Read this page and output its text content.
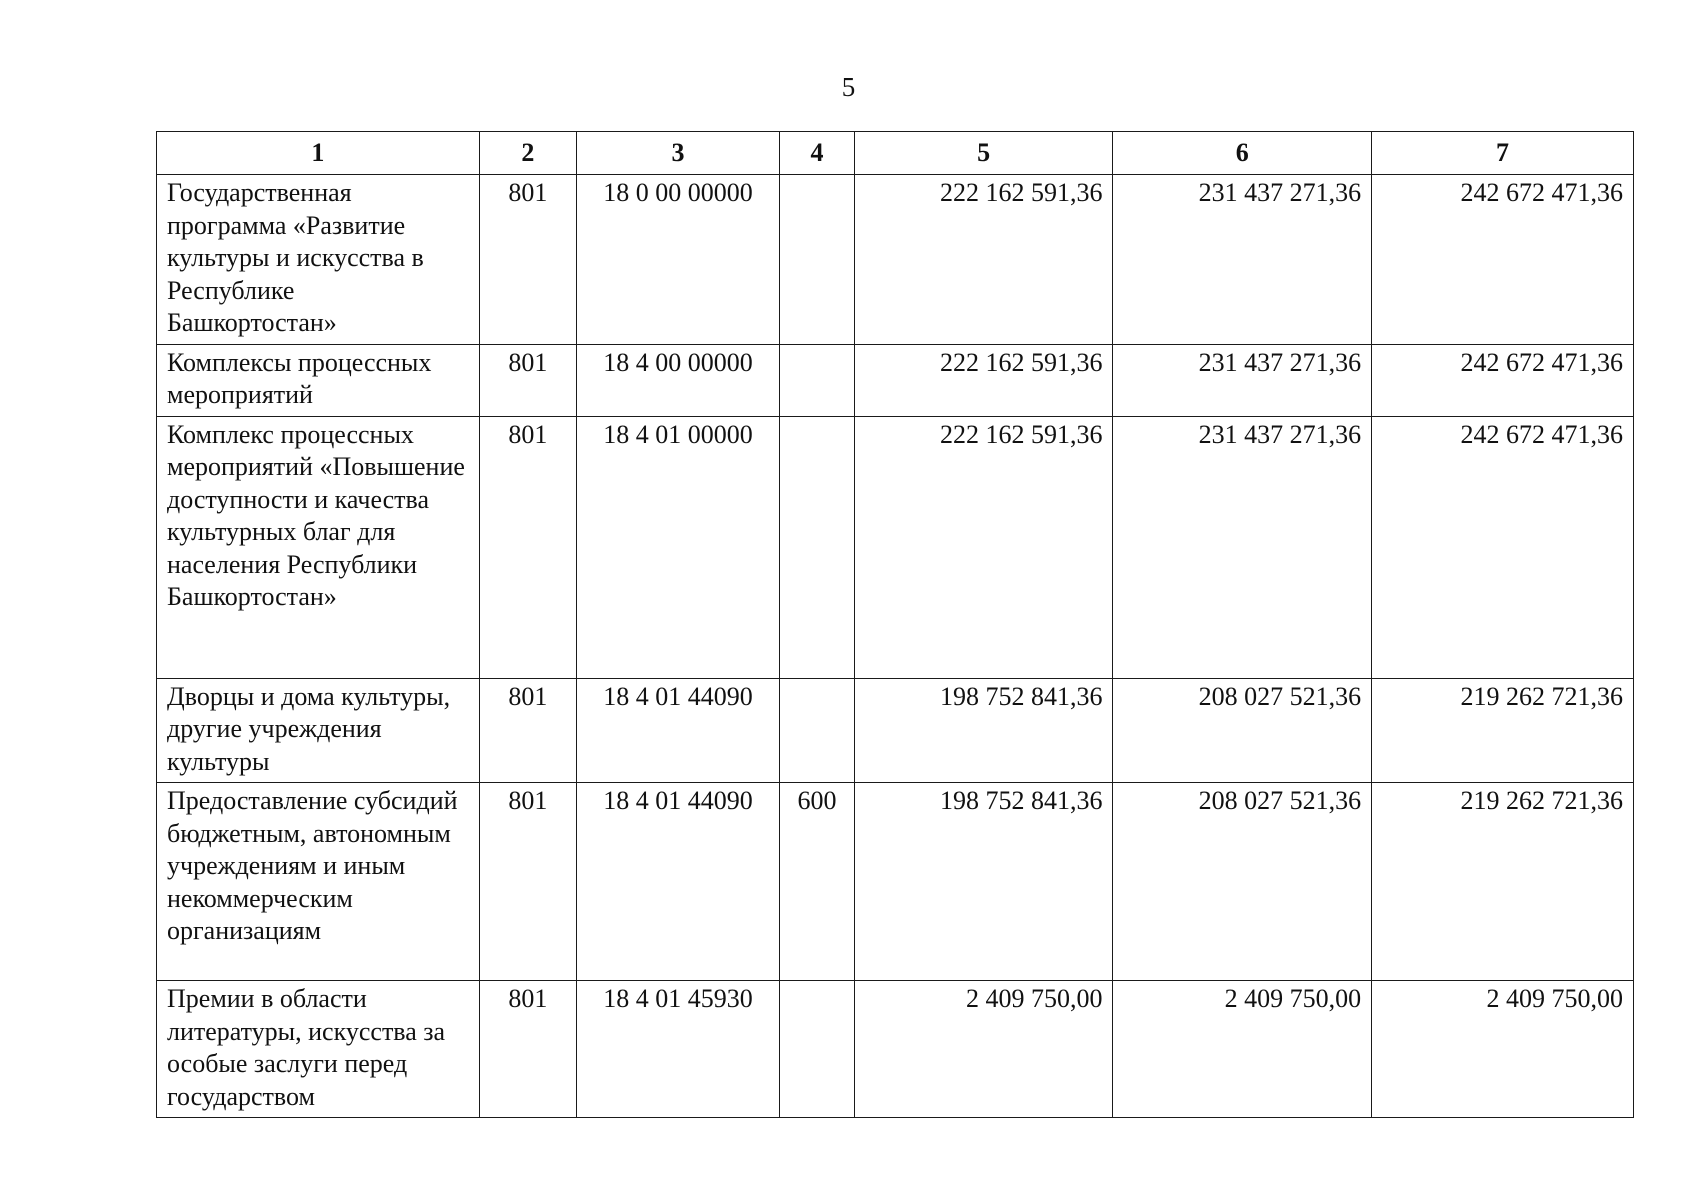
5
1	2	3	4	5	6	7
Государственная программа «Развитие культуры и искусства в Республике Башкортостан»	801	18 0 00 00000		222 162 591,36	231 437 271,36	242 672 471,36
Комплексы процессных мероприятий	801	18 4 00 00000		222 162 591,36	231 437 271,36	242 672 471,36
Комплекс процессных мероприятий «Повышение доступности и качества культурных благ для населения Республики Башкортостан»	801	18 4 01 00000		222 162 591,36	231 437 271,36	242 672 471,36
Дворцы и дома культуры, другие учреждения культуры	801	18 4 01 44090		198 752 841,36	208 027 521,36	219 262 721,36
Предоставление субсидий бюджетным, автономным учреждениям и иным некоммерческим организациям	801	18 4 01 44090	600	198 752 841,36	208 027 521,36	219 262 721,36
Премии в области литературы, искусства за особые заслуги перед государством	801	18 4 01 45930		2 409 750,00	2 409 750,00	2 409 750,00
